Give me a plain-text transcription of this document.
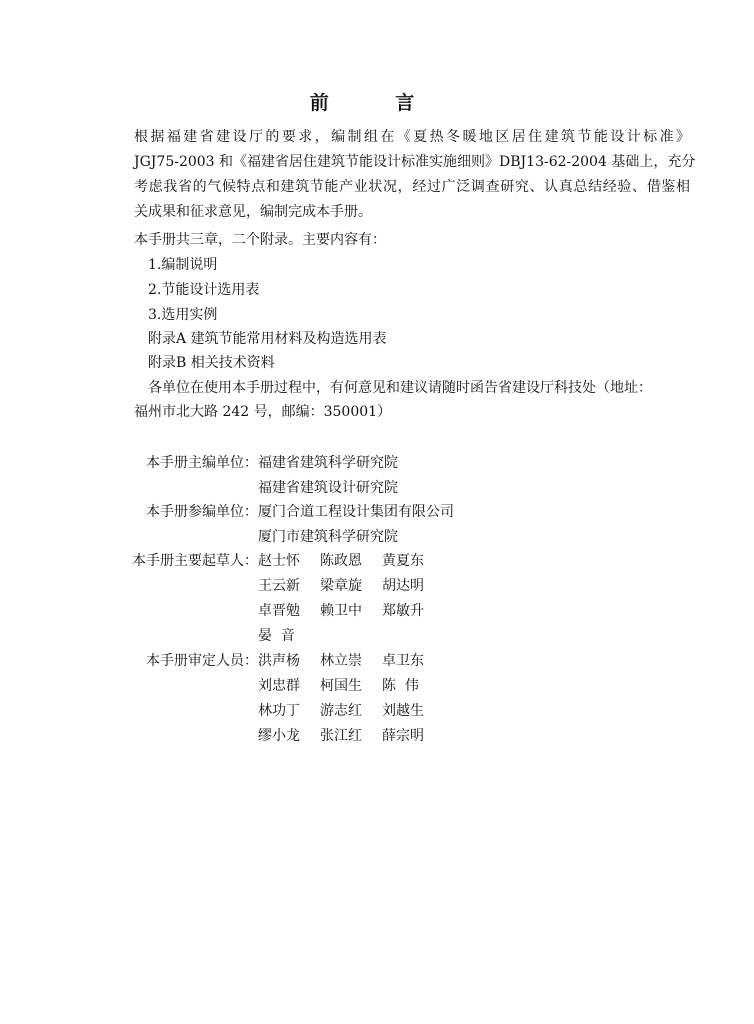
前 言
根据福建省建设厅的要求，编制组在《夏热冬暖地区居住建筑节能设计标准》
JGJ75-2003 和《福建省居住建筑节能设计标准实施细则》DBJ13-62-2004 基础上，充分
考虑我省的气候特点和建筑节能产业状况，经过广泛调查研究、认真总结经验、借鉴相
关成果和征求意见，编制完成本手册。
本手册共三章，二个附录。主要内容有：
1.编制说明
2.节能设计选用表
3.选用实例
附录A 建筑节能常用材料及构造选用表
附录B 相关技术资料
各单位在使用本手册过程中，有何意见和建议请随时函告省建设厅科技处（地址：
福州市北大路 242 号，邮编：350001）
本手册主编单位： 福建省建筑科学研究院
福建省建筑设计研究院
本手册参编单位： 厦门合道工程设计集团有限公司
厦门市建筑科学研究院
本手册主要起草人： 赵士怀 陈政恩 黄夏东
王云新 梁章旋 胡达明
卓晋勉 赖卫中 郑敏升
晏  音
本手册审定人员： 洪声杨 林立崇 卓卫东
刘忠群 柯国生 陈  伟
林功丁 游志红 刘越生
缪小龙 张江红 薛宗明
